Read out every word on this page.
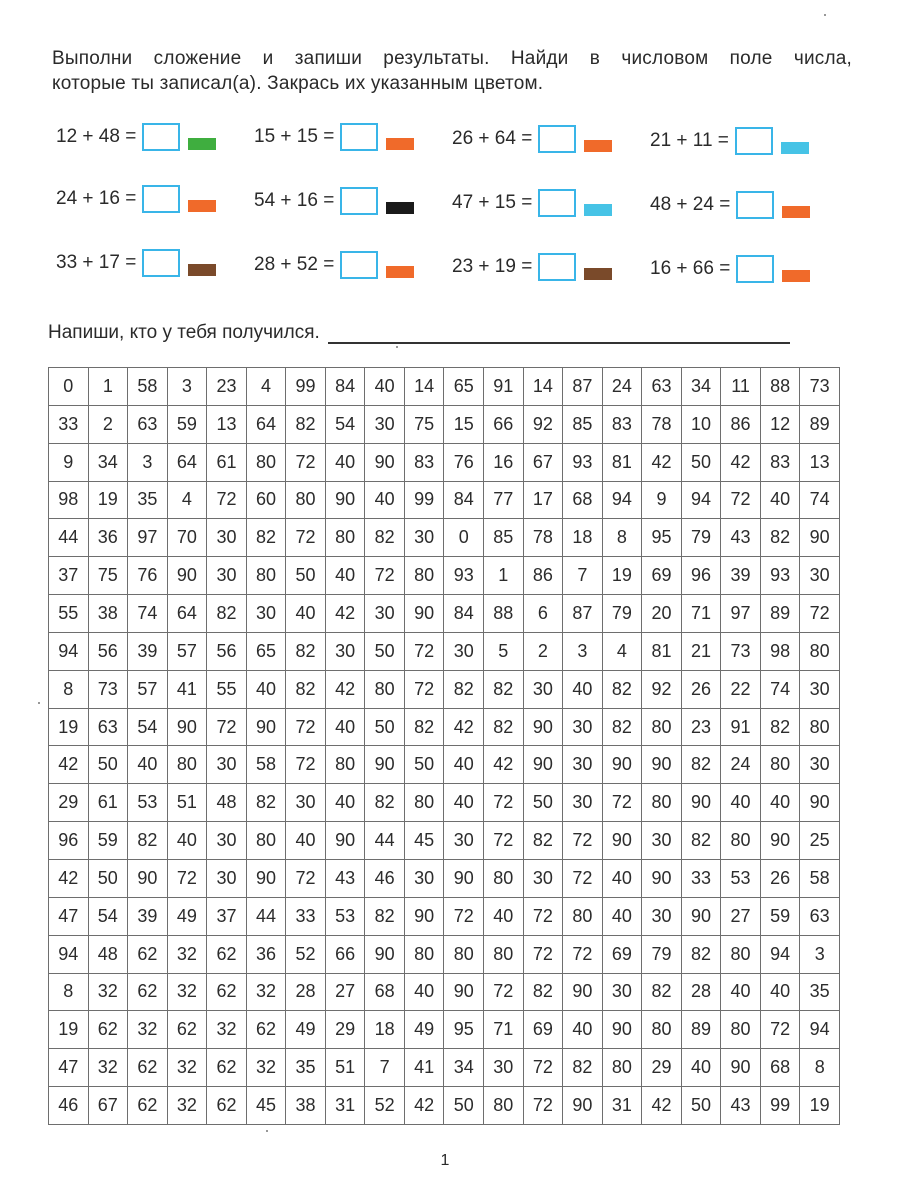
Выполни сложение и запиши результаты. Найди в числовом поле числа,
которые ты записал(а). Закрась их указанным цветом.
12 + 48 =	15 + 15 =	26 + 64 =	21 + 11 =
24 + 16 =	54 + 16 =	47 + 15 =	48 + 24 =
33 + 17 =	28 + 52 =	23 + 19 =	16 + 66 =
Напиши, кто у тебя получился.
0	1	58	3	23	4	99	84	40	14	65	91	14	87	24	63	34	11	88	73
33	2	63	59	13	64	82	54	30	75	15	66	92	85	83	78	10	86	12	89
9	34	3	64	61	80	72	40	90	83	76	16	67	93	81	42	50	42	83	13
98	19	35	4	72	60	80	90	40	99	84	77	17	68	94	9	94	72	40	74
44	36	97	70	30	82	72	80	82	30	0	85	78	18	8	95	79	43	82	90
37	75	76	90	30	80	50	40	72	80	93	1	86	7	19	69	96	39	93	30
55	38	74	64	82	30	40	42	30	90	84	88	6	87	79	20	71	97	89	72
94	56	39	57	56	65	82	30	50	72	30	5	2	3	4	81	21	73	98	80
8	73	57	41	55	40	82	42	80	72	82	82	30	40	82	92	26	22	74	30
19	63	54	90	72	90	72	40	50	82	42	82	90	30	82	80	23	91	82	80
42	50	40	80	30	58	72	80	90	50	40	42	90	30	90	90	82	24	80	30
29	61	53	51	48	82	30	40	82	80	40	72	50	30	72	80	90	40	40	90
96	59	82	40	30	80	40	90	44	45	30	72	82	72	90	30	82	80	90	25
42	50	90	72	30	90	72	43	46	30	90	80	30	72	40	90	33	53	26	58
47	54	39	49	37	44	33	53	82	90	72	40	72	80	40	30	90	27	59	63
94	48	62	32	62	36	52	66	90	80	80	80	72	72	69	79	82	80	94	3
8	32	62	32	62	32	28	27	68	40	90	72	82	90	30	82	28	40	40	35
19	62	32	62	32	62	49	29	18	49	95	71	69	40	90	80	89	80	72	94
47	32	62	32	62	32	35	51	7	41	34	30	72	82	80	29	40	90	68	8
46	67	62	32	62	45	38	31	52	42	50	80	72	90	31	42	50	43	99	19
1
